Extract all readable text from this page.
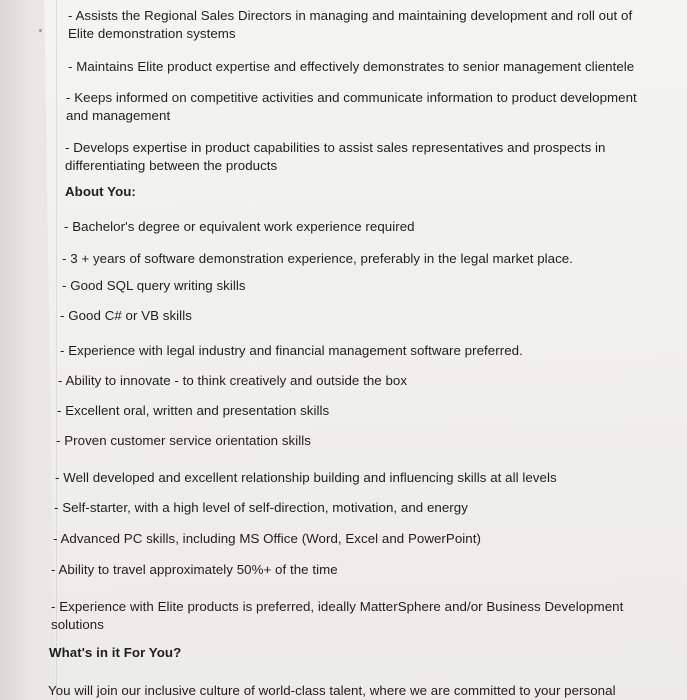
- Assists the Regional Sales Directors in managing and maintaining development and roll out of Elite demonstration systems

- Maintains Elite product expertise and effectively demonstrates to senior management clientele

- Keeps informed on competitive activities and communicate information to product development and management

- Develops expertise in product capabilities to assist sales representatives and prospects in differentiating between the products

About You:

- Bachelor's degree or equivalent work experience required

- 3 + years of software demonstration experience, preferably in the legal market place.

- Good SQL query writing skills

- Good C# or VB skills

- Experience with legal industry and financial management software preferred.

- Ability to innovate - to think creatively and outside the box

- Excellent oral, written and presentation skills

- Proven customer service orientation skills

- Well developed and excellent relationship building and influencing skills at all levels

- Self-starter, with a high level of self-direction, motivation, and energy

- Advanced PC skills, including MS Office (Word, Excel and PowerPoint)

- Ability to travel approximately 50%+ of the time

- Experience with Elite products is preferred, ideally MatterSphere and/or Business Development solutions

What's in it For You?

You will join our inclusive culture of world-class talent, where we are committed to your personal
